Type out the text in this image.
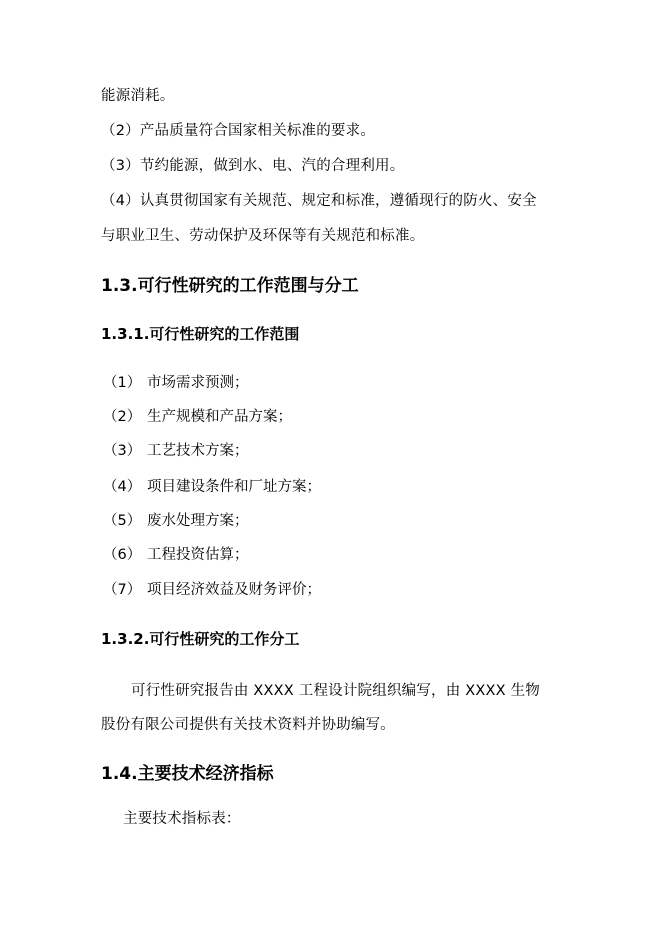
能源消耗。
（2）产品质量符合国家相关标准的要求。
（3）节约能源，做到水、电、汽的合理利用。
（4）认真贯彻国家有关规范、规定和标准，遵循现行的防火、安全
与职业卫生、劳动保护及环保等有关规范和标准。
1.3.可行性研究的工作范围与分工
1.3.1.可行性研究的工作范围
（1） 市场需求预测；
（2） 生产规模和产品方案；
（3） 工艺技术方案；
（4） 项目建设条件和厂址方案；
（5） 废水处理方案；
（6） 工程投资估算；
（7） 项目经济效益及财务评价；
1.3.2.可行性研究的工作分工
可行性研究报告由 XXXX 工程设计院组织编写，由 XXXX 生物
股份有限公司提供有关技术资料并协助编写。
1.4.主要技术经济指标
主要技术指标表：
